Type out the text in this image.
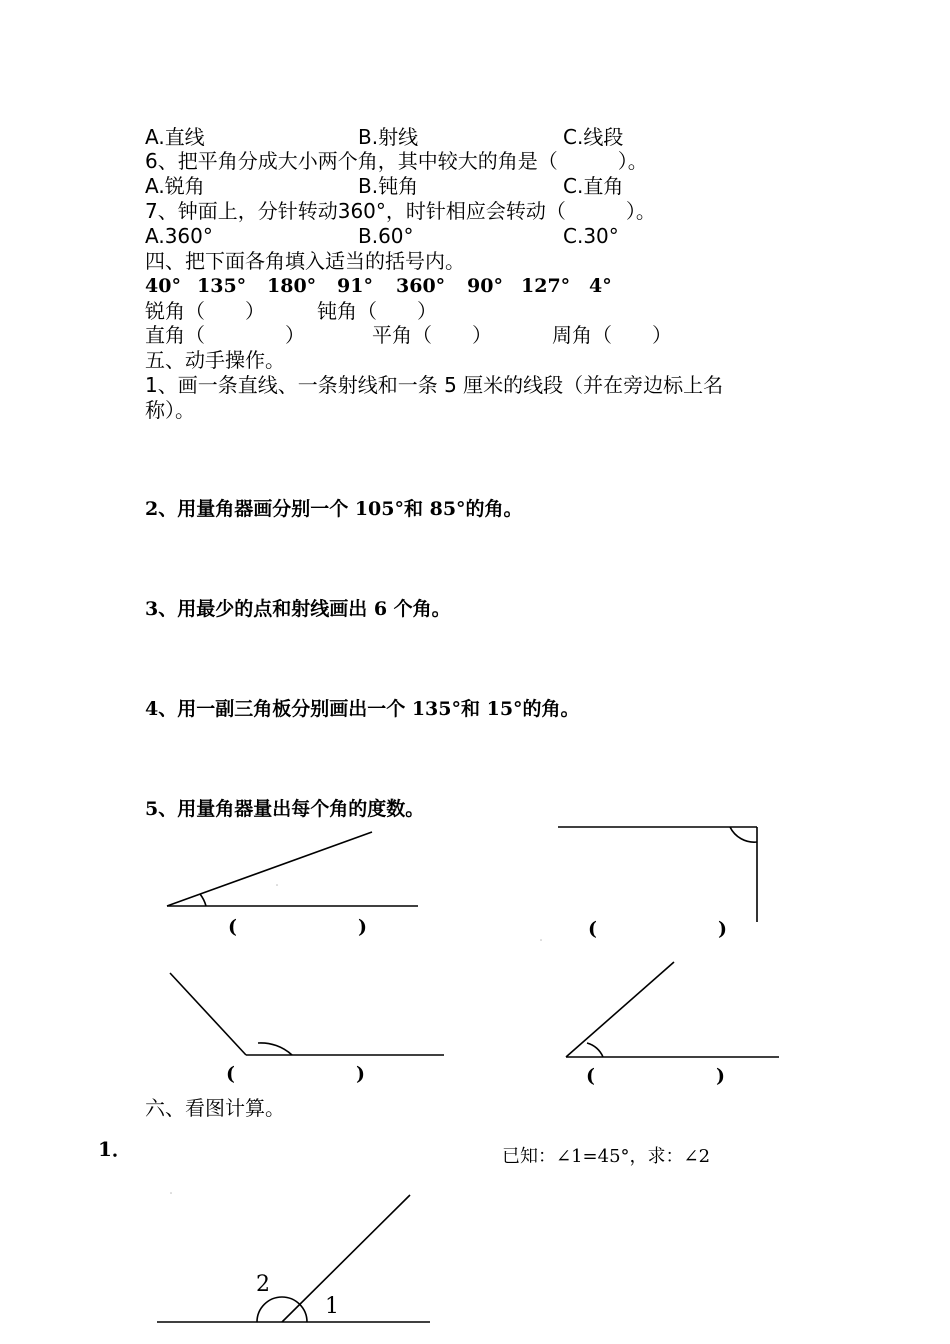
A.直线	B.射线	C.线段
6、把平角分成大小两个角，其中较大的角是（　　　）。
A.锐角	B.钝角	C.直角
7、钟面上，分针转动360°，时针相应会转动（　　　）。
A.360°	B.60°	C.30°
四、把下面各角填入适当的括号内。
40° 135° 180° 91° 360° 90° 127° 4°
锐角（　　）	钝角（　　）
直角（　　　　）	平角（　　）	周角（　　）
五、动手操作。
1、画一条直线、一条射线和一条 5 厘米的线段（并在旁边标上名
称）。
2、用量角器画分别一个 105°和 85°的角。
3、用最少的点和射线画出 6 个角。
4、用一副三角板分别画出一个 135°和 15°的角。
5、用量角器量出每个角的度数。
(	)	(	)
(	)	(	)
六、看图计算。
1．	已知：∠1=45°，求：∠2
2
1
